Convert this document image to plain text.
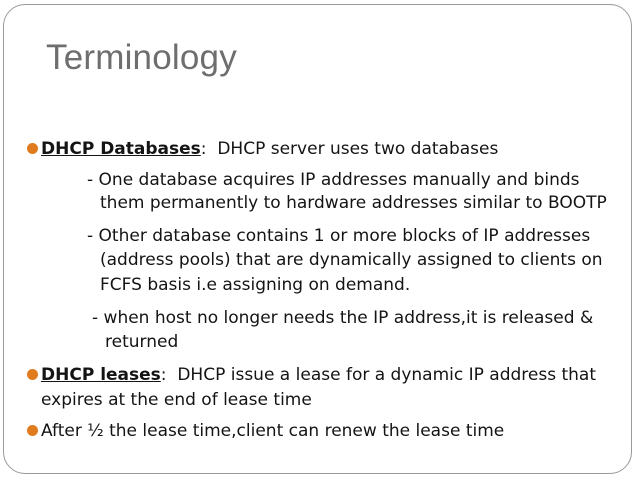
Terminology
DHCP Databases:  DHCP server uses two databases
- One database acquires IP addresses manually and binds
them permanently to hardware addresses similar to BOOTP
- Other database contains 1 or more blocks of IP addresses
(address pools) that are dynamically assigned to clients on
FCFS basis i.e assigning on demand.
- when host no longer needs the IP address,it is released &
returned
DHCP leases:  DHCP issue a lease for a dynamic IP address that
expires at the end of lease time
After ½ the lease time,client can renew the lease time
